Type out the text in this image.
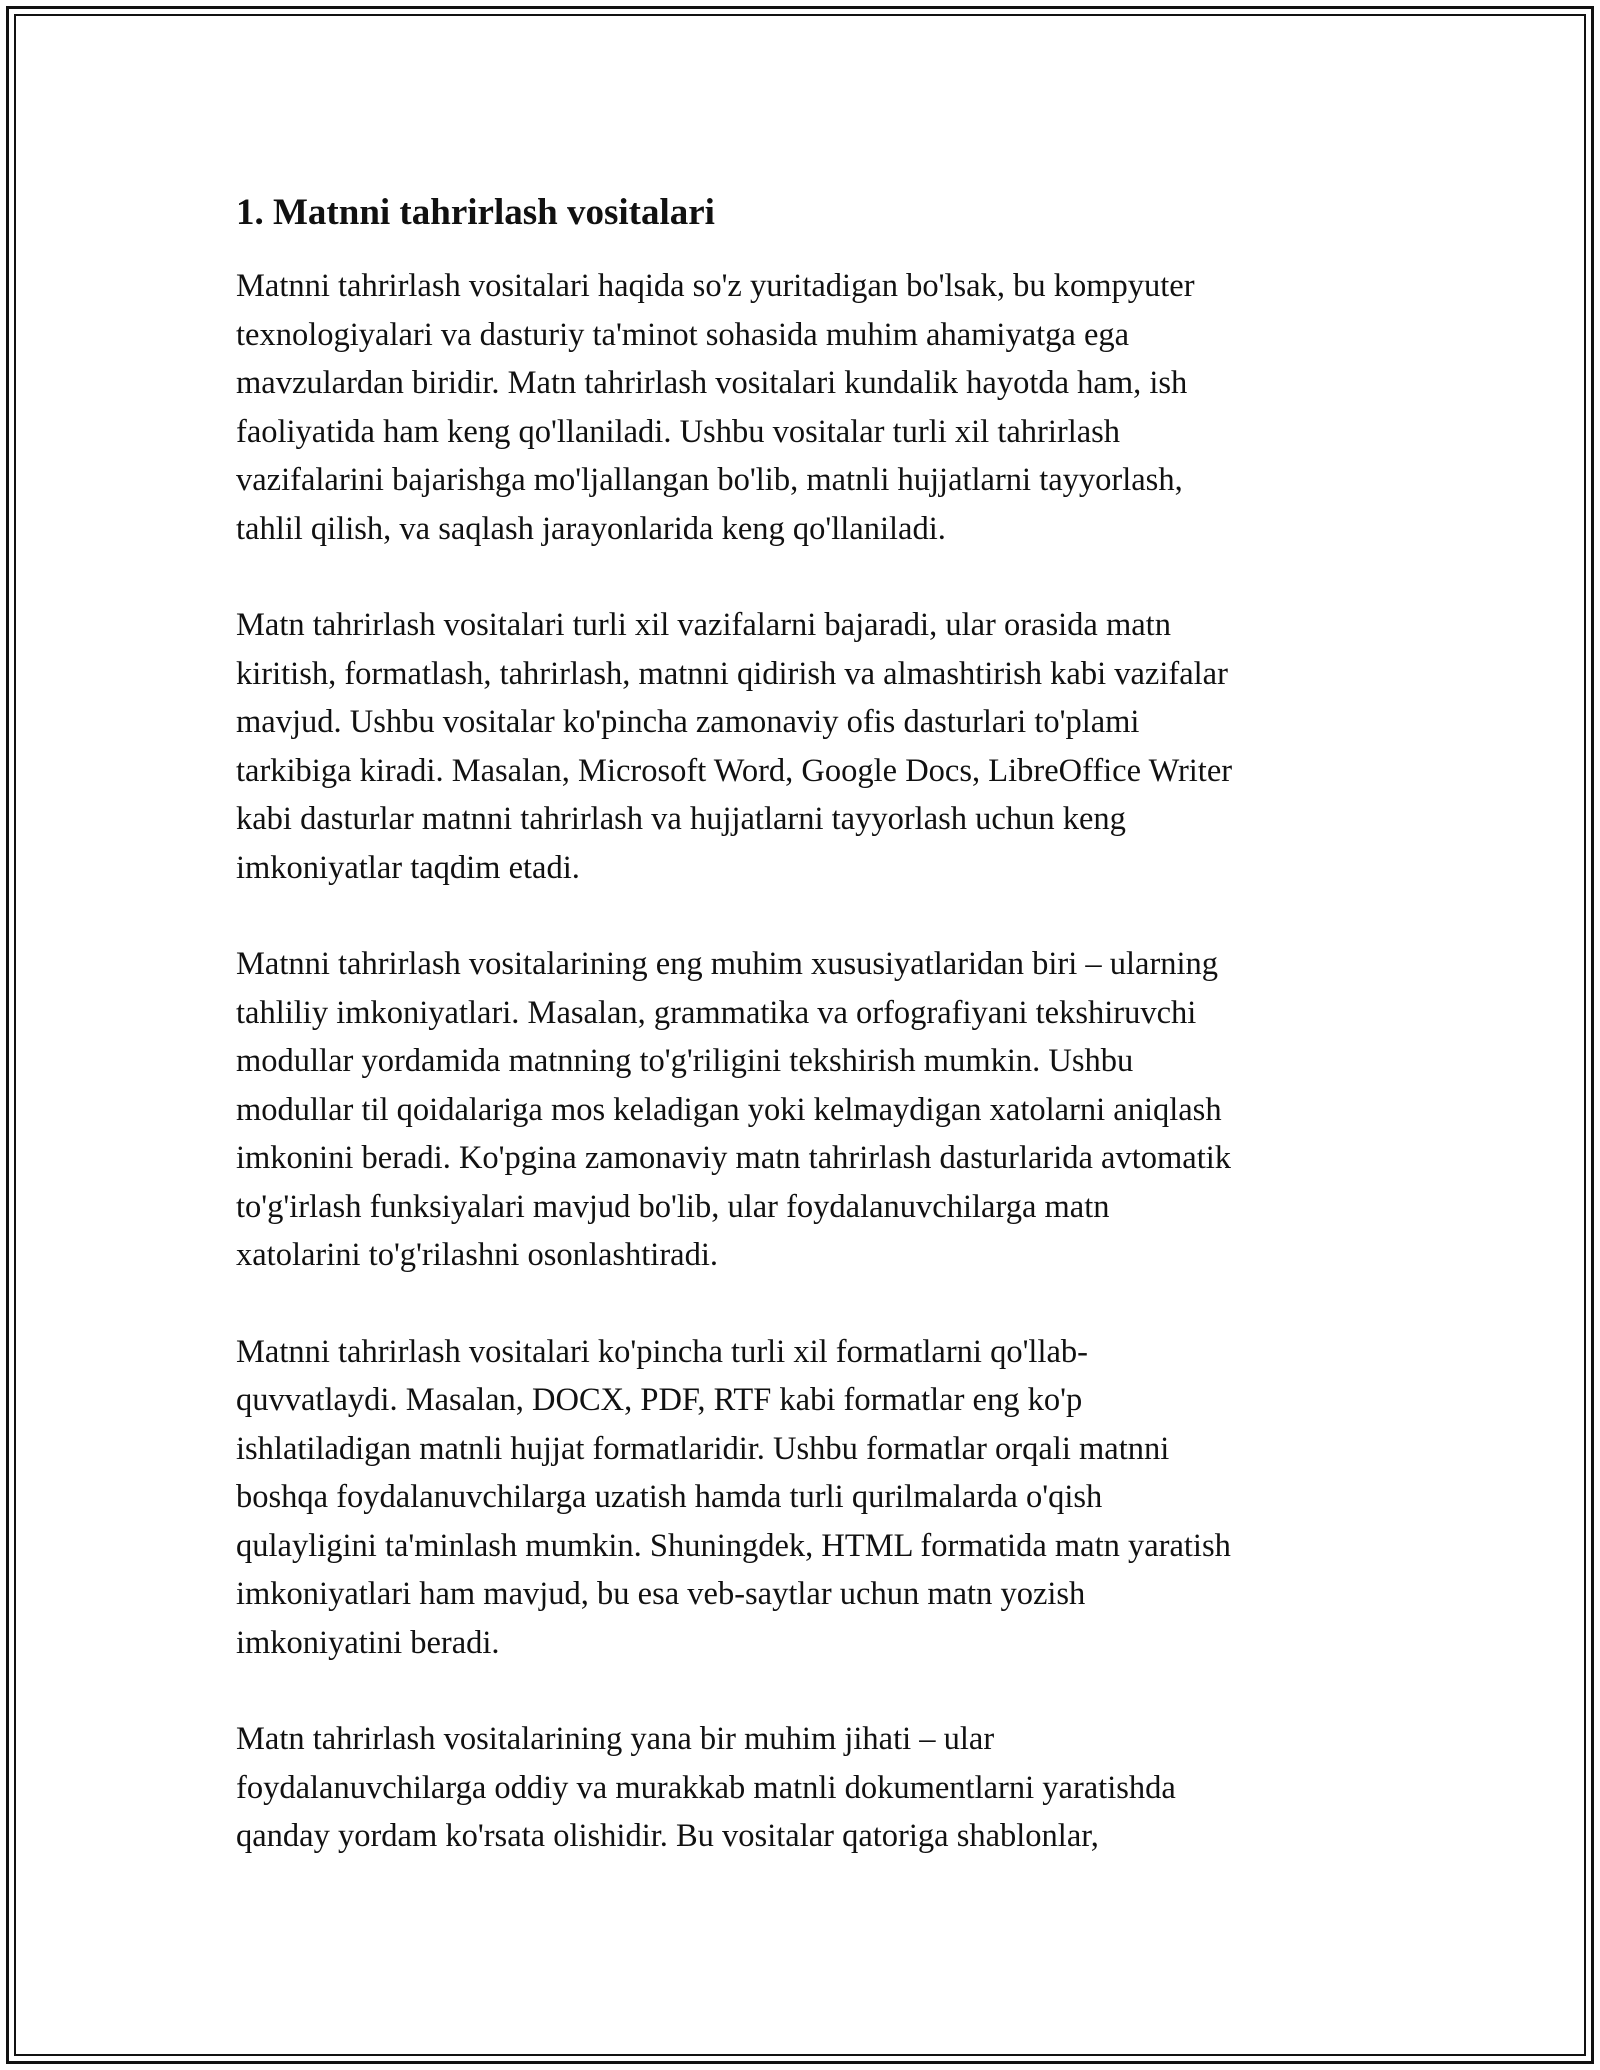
1. Matnni tahrirlash vositalari

Matnni tahrirlash vositalari haqida so'z yuritadigan bo'lsak, bu kompyuter
texnologiyalari va dasturiy ta'minot sohasida muhim ahamiyatga ega
mavzulardan biridir. Matn tahrirlash vositalari kundalik hayotda ham, ish
faoliyatida ham keng qo'llaniladi. Ushbu vositalar turli xil tahrirlash
vazifalarini bajarishga mo'ljallangan bo'lib, matnli hujjatlarni tayyorlash,
tahlil qilish, va saqlash jarayonlarida keng qo'llaniladi.

Matn tahrirlash vositalari turli xil vazifalarni bajaradi, ular orasida matn
kiritish, formatlash, tahrirlash, matnni qidirish va almashtirish kabi vazifalar
mavjud. Ushbu vositalar ko'pincha zamonaviy ofis dasturlari to'plami
tarkibiga kiradi. Masalan, Microsoft Word, Google Docs, LibreOffice Writer
kabi dasturlar matnni tahrirlash va hujjatlarni tayyorlash uchun keng
imkoniyatlar taqdim etadi.

Matnni tahrirlash vositalarining eng muhim xususiyatlaridan biri – ularning
tahliliy imkoniyatlari. Masalan, grammatika va orfografiyani tekshiruvchi
modullar yordamida matnning to'g'riligini tekshirish mumkin. Ushbu
modullar til qoidalariga mos keladigan yoki kelmaydigan xatolarni aniqlash
imkonini beradi. Ko'pgina zamonaviy matn tahrirlash dasturlarida avtomatik
to'g'irlash funksiyalari mavjud bo'lib, ular foydalanuvchilarga matn
xatolarini to'g'rilashni osonlashtiradi.

Matnni tahrirlash vositalari ko'pincha turli xil formatlarni qo'llab-
quvvatlaydi. Masalan, DOCX, PDF, RTF kabi formatlar eng ko'p
ishlatiladigan matnli hujjat formatlaridir. Ushbu formatlar orqali matnni
boshqa foydalanuvchilarga uzatish hamda turli qurilmalarda o'qish
qulayligini ta'minlash mumkin. Shuningdek, HTML formatida matn yaratish
imkoniyatlari ham mavjud, bu esa veb-saytlar uchun matn yozish
imkoniyatini beradi.

Matn tahrirlash vositalarining yana bir muhim jihati – ular
foydalanuvchilarga oddiy va murakkab matnli dokumentlarni yaratishda
qanday yordam ko'rsata olishidir. Bu vositalar qatoriga shablonlar,
